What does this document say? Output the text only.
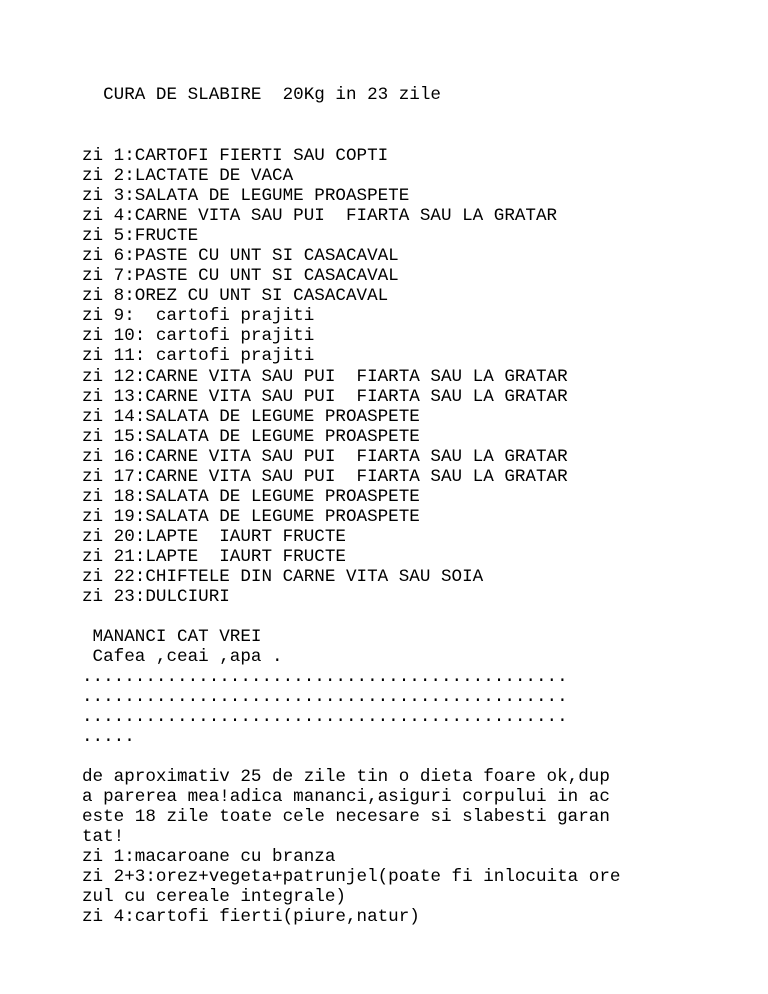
CURA DE SLABIRE  20Kg in 23 zile
zi 1:CARTOFI FIERTI SAU COPTI
zi 2:LACTATE DE VACA
zi 3:SALATA DE LEGUME PROASPETE
zi 4:CARNE VITA SAU PUI  FIARTA SAU LA GRATAR
zi 5:FRUCTE
zi 6:PASTE CU UNT SI CASACAVAL
zi 7:PASTE CU UNT SI CASACAVAL
zi 8:OREZ CU UNT SI CASACAVAL
zi 9:  cartofi prajiti
zi 10: cartofi prajiti
zi 11: cartofi prajiti
zi 12:CARNE VITA SAU PUI  FIARTA SAU LA GRATAR
zi 13:CARNE VITA SAU PUI  FIARTA SAU LA GRATAR
zi 14:SALATA DE LEGUME PROASPETE
zi 15:SALATA DE LEGUME PROASPETE
zi 16:CARNE VITA SAU PUI  FIARTA SAU LA GRATAR
zi 17:CARNE VITA SAU PUI  FIARTA SAU LA GRATAR
zi 18:SALATA DE LEGUME PROASPETE
zi 19:SALATA DE LEGUME PROASPETE
zi 20:LAPTE  IAURT FRUCTE
zi 21:LAPTE  IAURT FRUCTE
zi 22:CHIFTELE DIN CARNE VITA SAU SOIA
zi 23:DULCIURI
MANANCI CAT VREI
Cafea ,ceai ,apa .
..............................................
..............................................
..............................................
.....
de aproximativ 25 de zile tin o dieta foare ok,dup
a parerea mea!adica mananci,asiguri corpului in ac
este 18 zile toate cele necesare si slabesti garan
tat!
zi 1:macaroane cu branza
zi 2+3:orez+vegeta+patrunjel(poate fi inlocuita ore
zul cu cereale integrale)
zi 4:cartofi fierti(piure,natur)
